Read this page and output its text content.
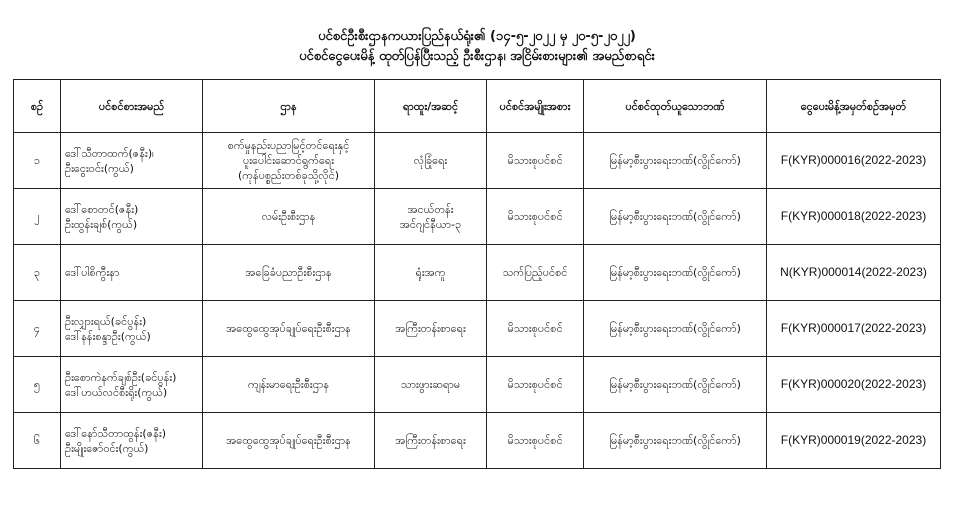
ပင်စင်ဦးစီးဌာနကယားပြည်နယ်ရုံး၏ (၁၄-၅-၂၀၂၂ မှ ၂၀-၅-၂၀၂၂)
ပင်စင်ငွေပေးမိန့် ထုတ်ပြန်ပြီးသည့် ဦးစီးဌာန၊ အငြိမ်းစားများ၏ အမည်စာရင်း
စဉ်	ပင်စင်စားအမည်	ဌာန	ရာထူး/အဆင့်	ပင်စင်အမျိုးအစား	ပင်စင်ထုတ်ယူသောဘဏ်	ငွေပေးမိန့်အမှတ်စဉ်အမှတ်
၁	ဒေါ်သီတာထက်(ဇနီး)၊
ဦးငွေးဝင်း(ကွယ်)	စက်မှုနည်းပညာမြင့်တင်ရေးနှင့်
ပူးပေါင်းဆောင်ရွက်ရေး
(ကုန်ပစ္စည်းတစ်ခုသို့လိုင်)	လုံခြုံရေး	မိသားစုပင်စင်	မြန်မာ့စီးပွားရေးဘဏ်(လွိုင်ကော်)	F(KYR)000016(2022-2023)
၂	ဒေါ်စောတင်(ဇနီး)
ဦးထွန်းချစ်(ကွယ်)	လမ်းဦးစီးဌာန	အငယ်တန်း
အင်ဂျင်နီယာ-၃	မိသားစုပင်စင်	မြန်မာ့စီးပွားရေးဘဏ်(လွိုင်ကော်)	F(KYR)000018(2022-2023)
၃	ဒေါ်ပါစိကွီးနာ	အခြေခံပညာဦးစီးဌာန	ရုံးအကူ	သက်ပြည့်ပင်စင်	မြန်မာ့စီးပွားရေးဘဏ်(လွိုင်ကော်)	N(KYR)000014(2022-2023)
၄	ဦးလျှားရယ်(ခင်ပွန်း)
ဒေါ်နန်းစန္ဒာဦး(ကွယ်)	အထွေထွေအုပ်ချုပ်ရေးဦးစီးဌာန	အကြီးတန်းစာရေး	မိသားစုပင်စင်	မြန်မာ့စီးပွားရေးဘဏ်(လွိုင်ကော်)	F(KYR)000017(2022-2023)
၅	ဦးစောကဲနက်ချစ်ဦး(ခင်ပွန်း)
ဒေါ်ဟယ်လင်စီးရိုး(ကွယ်)	ကျန်းမာရေးဦးစီးဌာန	သားဖွားဆရာမ	မိသားစုပင်စင်	မြန်မာ့စီးပွားရေးဘဏ်(လွိုင်ကော်)	F(KYR)000020(2022-2023)
၆	ဒေါ်နော်သီတာထွန်း(ဇနီး)
ဦးမျိုးဇော်ဝင်း(ကွယ်)	အထွေထွေအုပ်ချုပ်ရေးဦးစီးဌာန	အကြီးတန်းစာရေး	မိသားစုပင်စင်	မြန်မာ့စီးပွားရေးဘဏ်(လွိုင်ကော်)	F(KYR)000019(2022-2023)
